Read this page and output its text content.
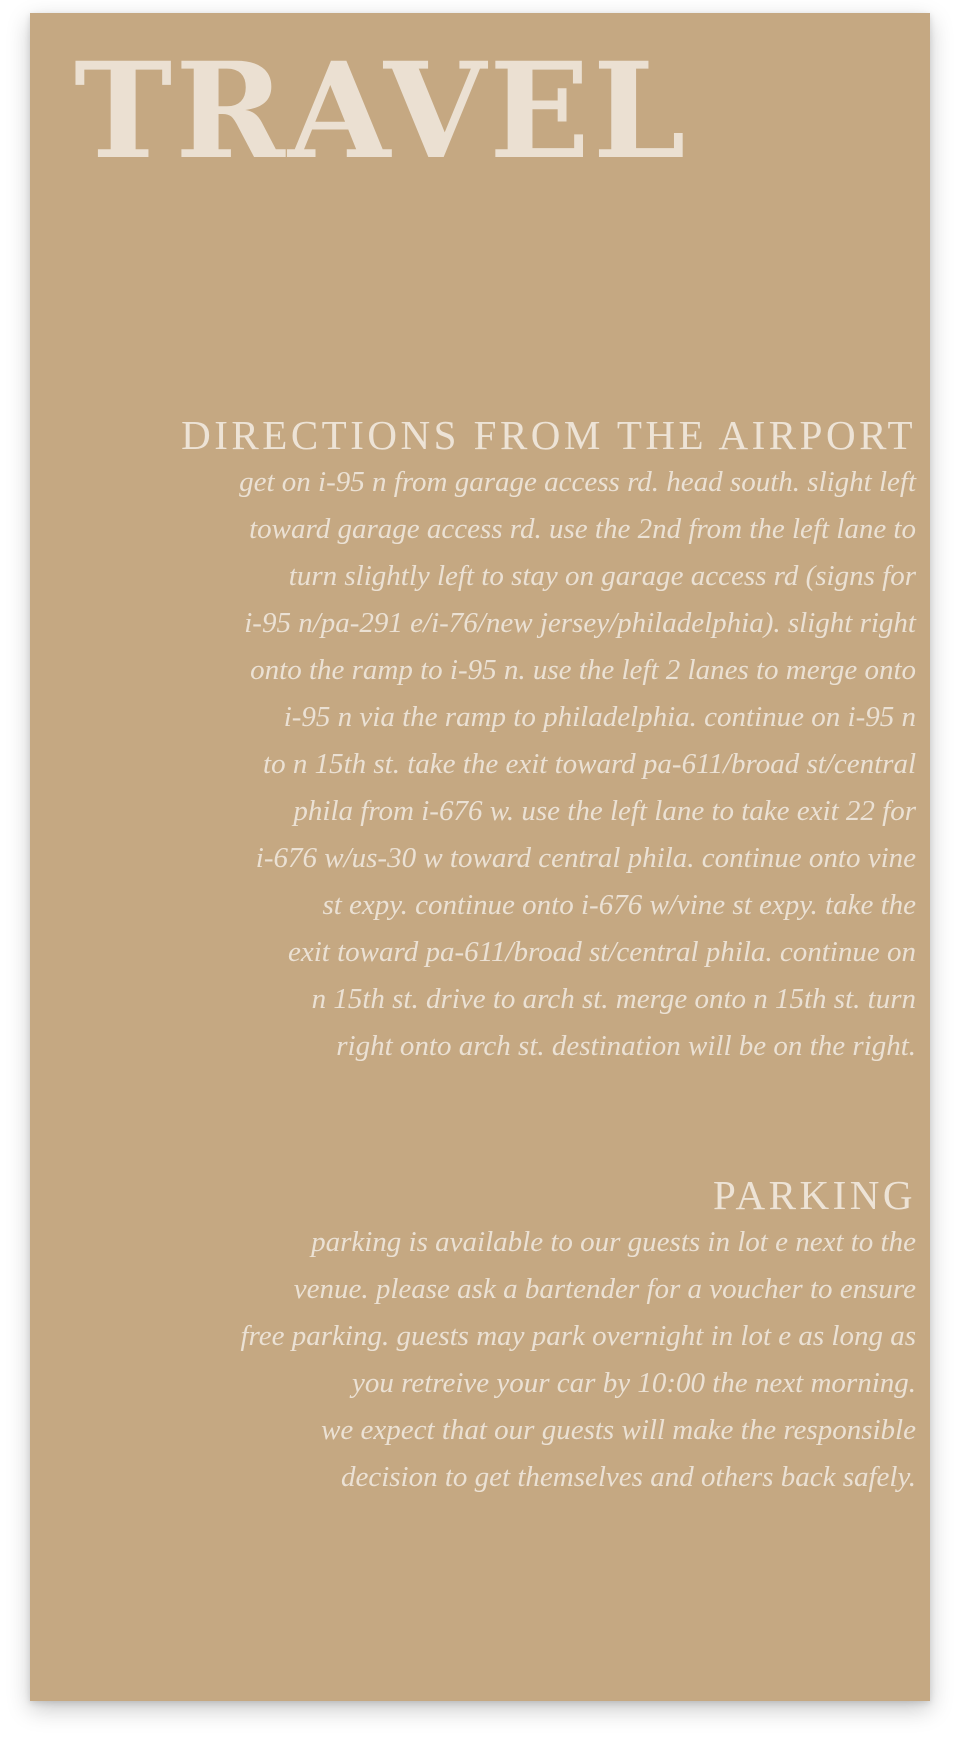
TRAVEL
DIRECTIONS FROM THE AIRPORT

get on i-95 n from garage access rd. head south. slight left
toward garage access rd. use the 2nd from the left lane to
turn slightly left to stay on garage access rd (signs for
i-95 n/pa-291 e/i-76/new jersey/philadelphia). slight right
onto the ramp to i-95 n. use the left 2 lanes to merge onto
i-95 n via the ramp to philadelphia. continue on i-95 n
to n 15th st. take the exit toward pa-611/broad st/central
phila from i-676 w. use the left lane to take exit 22 for
i-676 w/us-30 w toward central phila. continue onto vine
st expy. continue onto i-676 w/vine st expy. take the
exit toward pa-611/broad st/central phila. continue on
n 15th st. drive to arch st. merge onto n 15th st. turn
right onto arch st. destination will be on the right.

PARKING

parking is available to our guests in lot e next to the
venue. please ask a bartender for a voucher to ensure
free parking. guests may park overnight in lot e as long as
you retreive your car by 10:00 the next morning.
we expect that our guests will make the responsible
decision to get themselves and others back safely.
